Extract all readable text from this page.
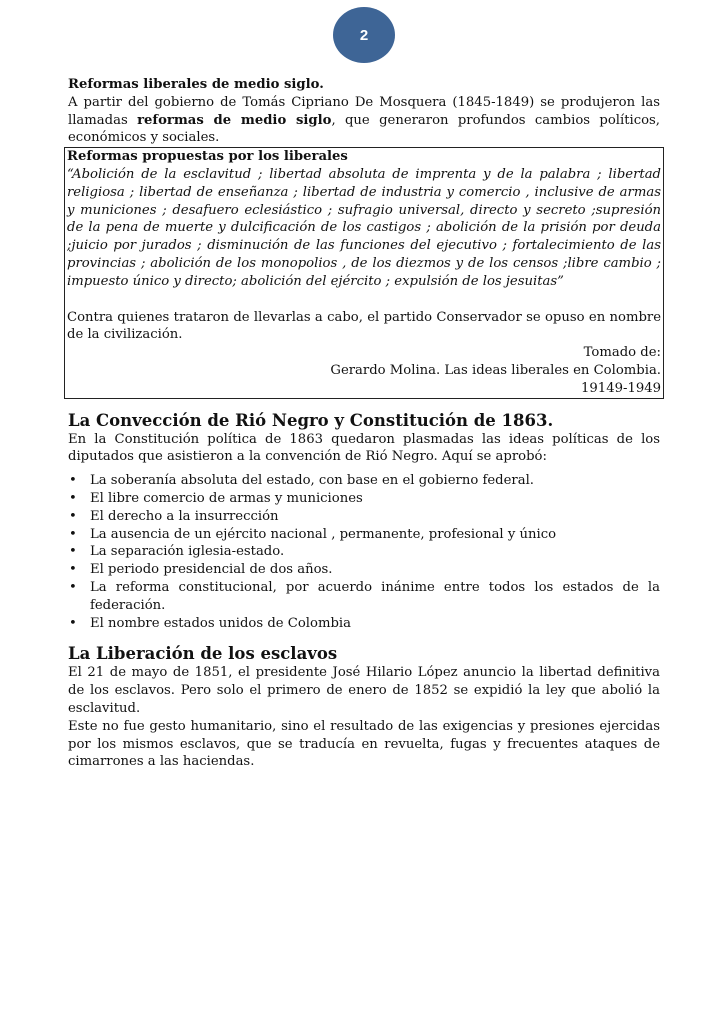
2
Reformas liberales de medio siglo.

A partir del gobierno de Tomás Cipriano De Mosquera (1845-1849) se produjeron las llamadas reformas de medio siglo, que generaron profundos cambios políticos, económicos y sociales.

Reformas propuestas por los liberales

“Abolición de la esclavitud ; libertad absoluta de imprenta y de la palabra ; libertad religiosa ; libertad de enseñanza ; libertad de industria y comercio , inclusive de armas y municiones ; desafuero eclesiástico ; sufragio universal, directo y secreto ;supresión de la pena de muerte y dulcificación de los castigos ; abolición de la prisión por deuda ;juicio por jurados ; disminución de las funciones del ejecutivo ; fortalecimiento de las provincias ; abolición de los monopolios , de los diezmos y de los censos ;libre cambio ; impuesto único y directo; abolición del ejército ; expulsión de los jesuitas”

Contra quienes trataron de llevarlas a cabo, el partido Conservador se opuso en nombre de la civilización.

Tomado de:
Gerardo Molina. Las ideas liberales en Colombia.
19149-1949
La Convección de Rió Negro y Constitución de 1863.

En la Constitución política de 1863 quedaron plasmadas las ideas políticas de los diputados que asistieron a la convención de Rió Negro. Aquí se aprobó:

• La soberanía absoluta del estado, con base en el gobierno federal.
• El libre comercio de armas y municiones
• El derecho a la insurrección
• La ausencia de un ejército nacional , permanente, profesional y único
• La separación iglesia-estado.
• El periodo presidencial de dos años.
• La reforma constitucional, por acuerdo inánime entre todos los estados de la federación.
• El nombre estados unidos de Colombia
La Liberación de los esclavos

El 21 de mayo de 1851, el presidente José Hilario López anuncio la libertad definitiva de los esclavos. Pero solo el primero de enero de 1852 se expidió la ley que abolió la esclavitud.

Este no fue gesto humanitario, sino el resultado de las exigencias y presiones ejercidas por los mismos esclavos, que se traducía en revuelta, fugas y frecuentes ataques de cimarrones a las haciendas.
